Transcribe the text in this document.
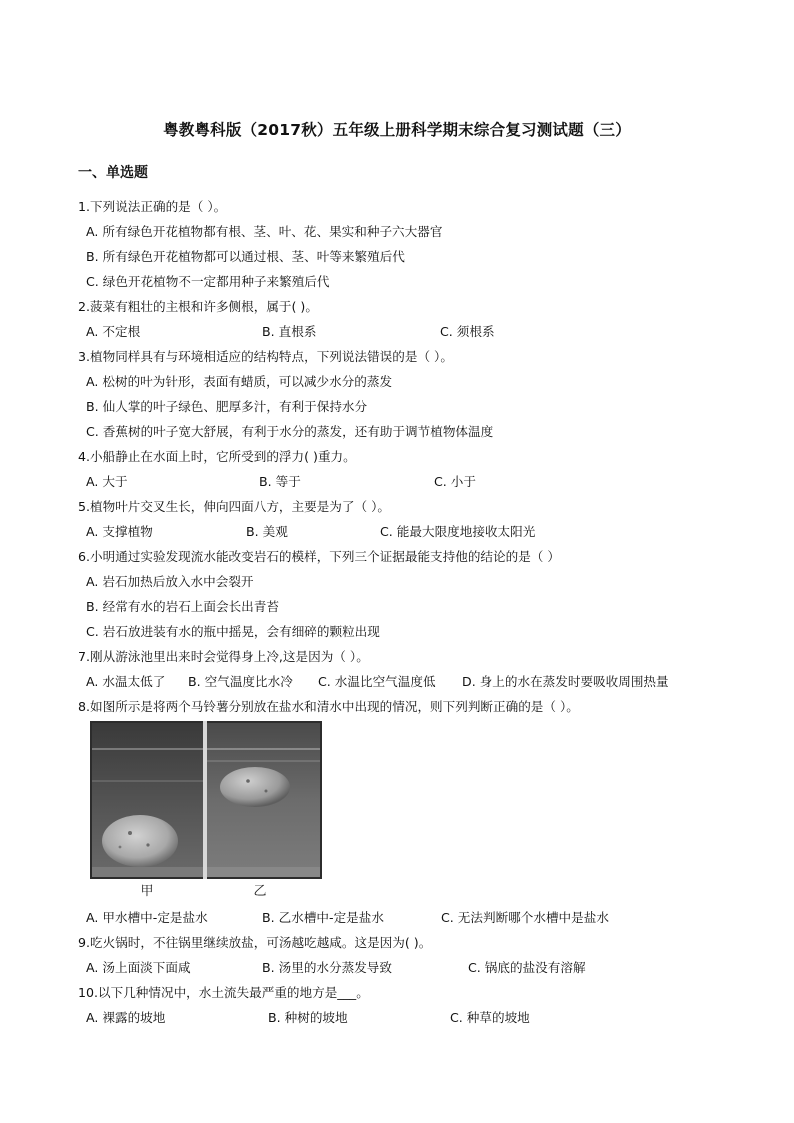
粤教粤科版（2017秋）五年级上册科学期末综合复习测试题（三）
一、单选题
1.下列说法正确的是（ ）。
A. 所有绿色开花植物都有根、茎、叶、花、果实和种子六大器官
B. 所有绿色开花植物都可以通过根、茎、叶等来繁殖后代
C. 绿色开花植物不一定都用种子来繁殖后代
2.菠菜有粗壮的主根和许多侧根，属于( )。
A. 不定根	B. 直根系	C. 须根系
3.植物同样具有与环境相适应的结构特点，下列说法错误的是（ ）。
A. 松树的叶为针形，表面有蜡质，可以减少水分的蒸发
B. 仙人掌的叶子绿色、肥厚多汁，有利于保持水分
C. 香蕉树的叶子宽大舒展，有利于水分的蒸发，还有助于调节植物体温度
4.小船静止在水面上时，它所受到的浮力( )重力。
A. 大于	B. 等于	C. 小于
5.植物叶片交叉生长，伸向四面八方，主要是为了（ ）。
A. 支撑植物	B. 美观	C. 能最大限度地接收太阳光
6.小明通过实验发现流水能改变岩石的模样，下列三个证据最能支持他的结论的是（ ）
A. 岩石加热后放入水中会裂开
B. 经常有水的岩石上面会长出青苔
C. 岩石放进装有水的瓶中摇晃，会有细碎的颗粒出现
7.刚从游泳池里出来时会觉得身上冷,这是因为（ ）。
A. 水温太低了 B. 空气温度比水冷 C. 水温比空气温度低 D. 身上的水在蒸发时要吸收周围热量
8.如图所示是将两个马铃薯分别放在盐水和清水中出现的情况，则下列判断正确的是（ ）。
甲	乙
A. 甲水槽中-定是盐水	B. 乙水槽中-定是盐水	C. 无法判断哪个水槽中是盐水
9.吃火锅时，不往锅里继续放盐，可汤越吃越咸。这是因为( )。
A. 汤上面淡下面咸	B. 汤里的水分蒸发导致	C. 锅底的盐没有溶解
10.以下几种情况中，水土流失最严重的地方是___。
A. 裸露的坡地	B. 种树的坡地	C. 种草的坡地
